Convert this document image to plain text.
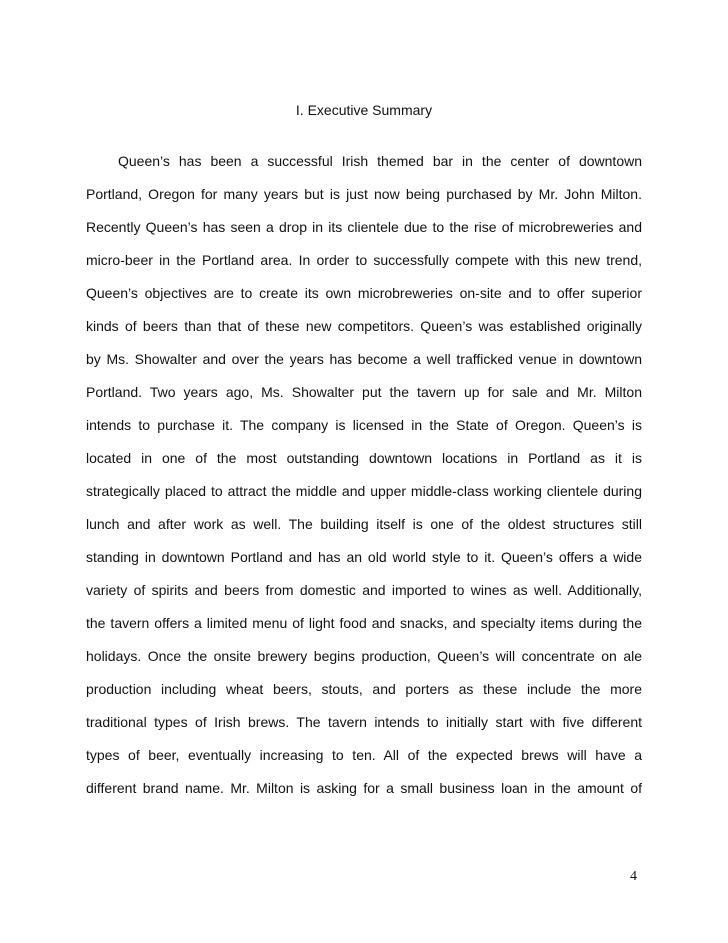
I. Executive Summary
Queen’s has been a successful Irish themed bar in the center of downtown
Portland, Oregon for many years but is just now being purchased by Mr. John Milton.
Recently Queen’s has seen a drop in its clientele due to the rise of microbreweries and
micro-beer in the Portland area. In order to successfully compete with this new trend,
Queen’s objectives are to create its own microbreweries on-site and to offer superior
kinds of beers than that of these new competitors. Queen’s was established originally
by Ms. Showalter and over the years has become a well trafficked venue in downtown
Portland. Two years ago, Ms. Showalter put the tavern up for sale and Mr. Milton
intends to purchase it. The company is licensed in the State of Oregon. Queen’s is
located in one of the most outstanding downtown locations in Portland as it is
strategically placed to attract the middle and upper middle-class working clientele during
lunch and after work as well. The building itself is one of the oldest structures still
standing in downtown Portland and has an old world style to it. Queen’s offers a wide
variety of spirits and beers from domestic and imported to wines as well. Additionally,
the tavern offers a limited menu of light food and snacks, and specialty items during the
holidays. Once the onsite brewery begins production, Queen’s will concentrate on ale
production including wheat beers, stouts, and porters as these include the more
traditional types of Irish brews. The tavern intends to initially start with five different
types of beer, eventually increasing to ten. All of the expected brews will have a
different brand name. Mr. Milton is asking for a small business loan in the amount of
4
